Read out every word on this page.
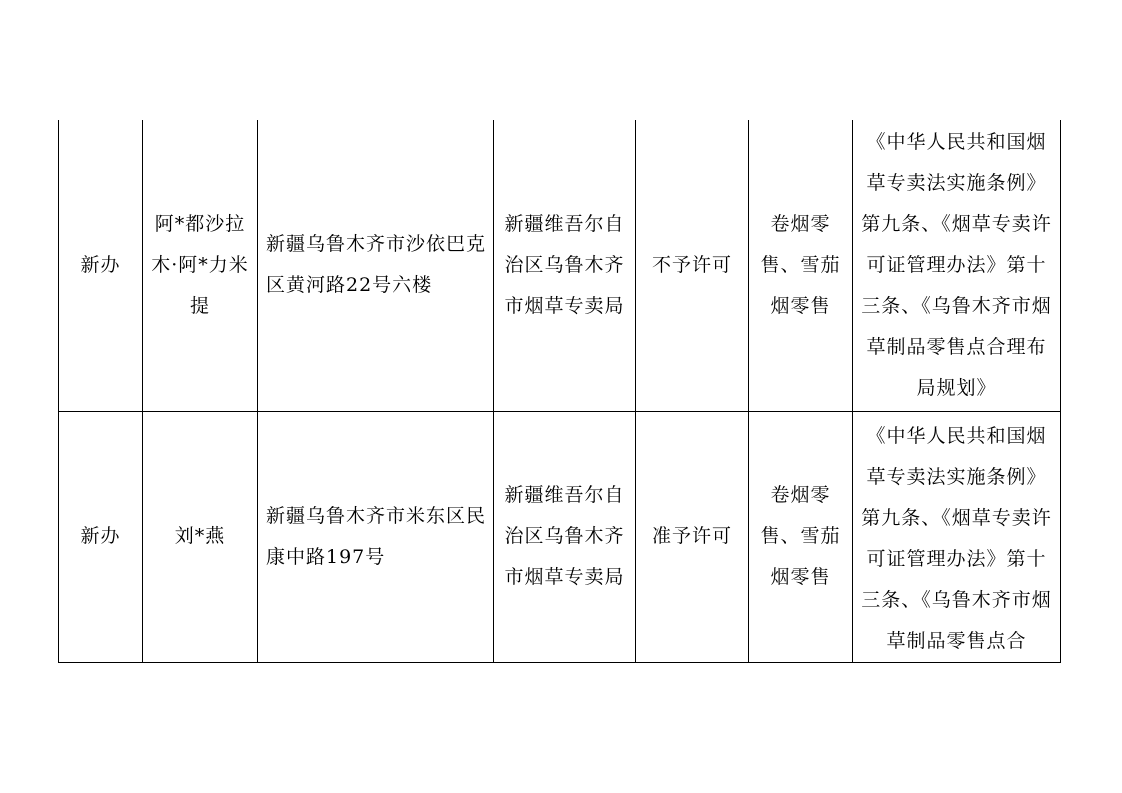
新办	阿*都沙拉木·阿*力米提	新疆乌鲁木齐市沙依巴克区黄河路22号六楼	新疆维吾尔自治区乌鲁木齐市烟草专卖局	不予许可	卷烟零售、雪茄烟零售	《中华人民共和国烟草专卖法实施条例》第九条、《烟草专卖许可证管理办法》第十三条、《乌鲁木齐市烟草制品零售点合理布局规划》

新办	刘*燕	新疆乌鲁木齐市米东区民康中路197号	新疆维吾尔自治区乌鲁木齐市烟草专卖局	准予许可	卷烟零售、雪茄烟零售	《中华人民共和国烟草专卖法实施条例》第九条、《烟草专卖许可证管理办法》第十三条、《乌鲁木齐市烟草制品零售点合
